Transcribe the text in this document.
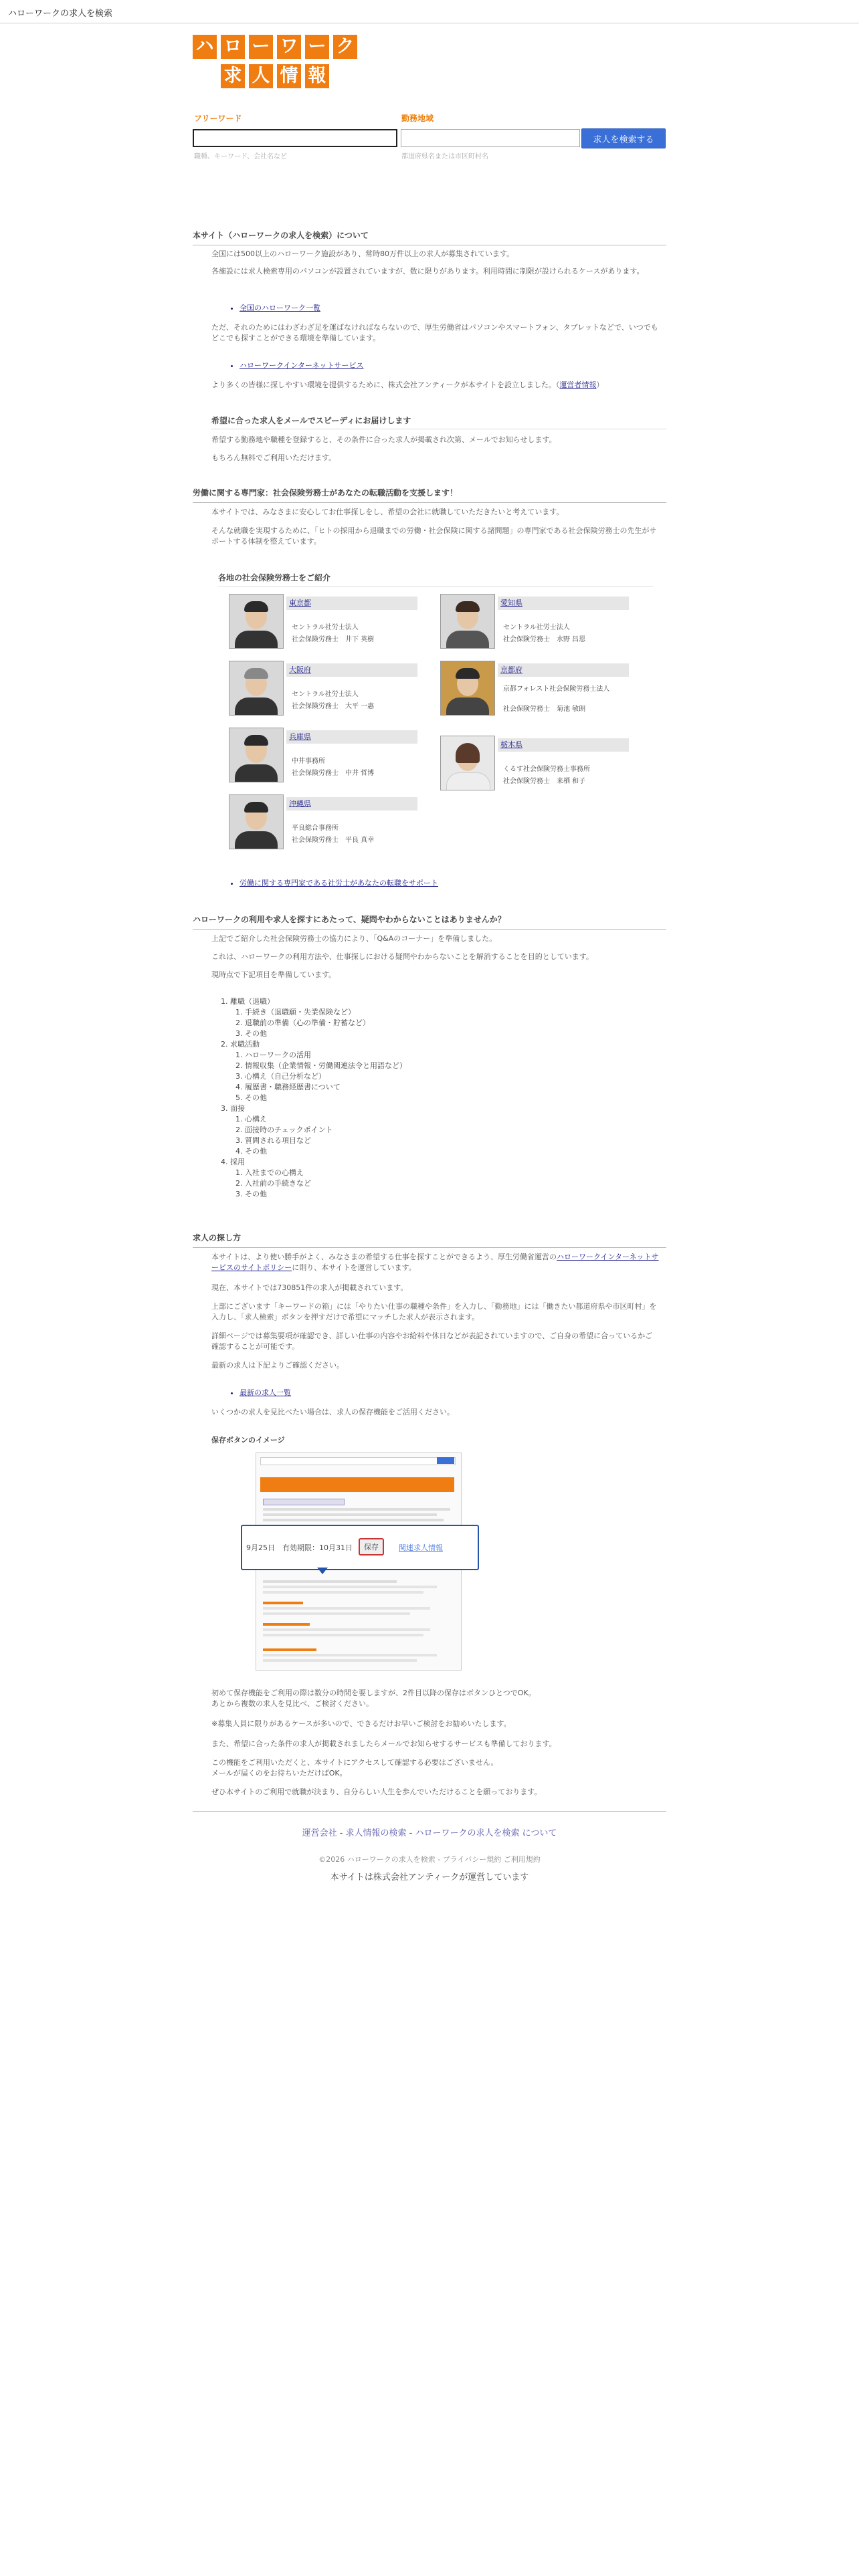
ハローワークの求人を検索
ハ ロ ー ワ ー ク
求 人 情 報
フリーワード
職種、キーワード、会社名など
勤務地域
都道府県名または市区町村名
求人を検索する
本サイト（ハローワークの求人を検索）について
全国には500以上のハローワーク施設があり、常時80万件以上の求人が募集されています。
各施設には求人検索専用のパソコンが設置されていますが、数に限りがあります。利用時間に制限が設けられるケースがあります。
• 全国のハローワーク一覧
ただ、それのためにはわざわざ足を運ばなければならないので、厚生労働省はパソコンやスマートフォン、タブレットなどで、いつでもどこでも探すことができる環境を準備しています。
• ハローワークインターネットサービス
より多くの皆様に探しやすい環境を提供するために、株式会社アンティークが本サイトを設立しました。（運営者情報）
希望に合った求人をメールでスピーディにお届けします
希望する勤務地や職種を登録すると、その条件に合った求人が掲載され次第、メールでお知らせします。
もちろん無料でご利用いただけます。
労働に関する専門家：社会保険労務士があなたの転職活動を支援します！
本サイトでは、みなさまに安心してお仕事探しをし、希望の会社に就職していただきたいと考えています。
そんな就職を実現するために、「ヒトの採用から退職までの労働・社会保険に関する諸問題」の専門家である社会保険労務士の先生がサポートする体制を整えています。
各地の社会保険労務士をご紹介
東京都
セントラル社労士法人
社会保険労務士　井下 英樹
愛知県
セントラル社労士法人
社会保険労務士　水野 昌恩
大阪府
セントラル社労士法人
社会保険労務士　大平 一惠
京都府
京都フォレスト社会保険労務士法人
社会保険労務士　菊池 敏朗
兵庫県
中井事務所
社会保険労務士　中井 哲博
栃木県
くるす社会保険労務士事務所
社会保険労務士　来栖 和子
沖縄県
平良総合事務所
社会保険労務士　平良 真幸
• 労働に関する専門家である社労士があなたの転職をサポート
ハローワークの利用や求人を探すにあたって、疑問やわからないことはありませんか？
上記でご紹介した社会保険労務士の協力により、「Q&Aのコーナー」を準備しました。
これは、ハローワークの利用方法や、仕事探しにおける疑問やわからないことを解消することを目的としています。
現時点で下記項目を準備しています。
1. 離職（退職）
1. 手続き（退職願・失業保険など）
2. 退職前の準備（心の準備・貯蓄など）
3. その他
2. 求職活動
1. ハローワークの活用
2. 情報収集（企業情報・労働関連法令と用語など）
3. 心構え（自己分析など）
4. 履歴書・職務経歴書について
5. その他
3. 面接
1. 心構え
2. 面接時のチェックポイント
3. 質問される項目など
4. その他
4. 採用
1. 入社までの心構え
2. 入社前の手続きなど
3. その他
求人の探し方
本サイトは、より使い勝手がよく、みなさまの希望する仕事を探すことができるよう、厚生労働省運営のハローワークインターネットサービスのサイトポリシーに則り、本サイトを運営しています。
現在、本サイトでは730851件の求人が掲載されています。
上部にございます「キーワードの箱」には「やりたい仕事の職種や条件」を入力し、「勤務地」には「働きたい都道府県や市区町村」を入力し、「求人検索」ボタンを押すだけで希望にマッチした求人が表示されます。
詳細ページでは募集要項が確認でき、詳しい仕事の内容やお給料や休日などが表記されていますので、ご自身の希望に合っているかご確認することが可能です。
最新の求人は下記よりご確認ください。
• 最新の求人一覧
いくつかの求人を見比べたい場合は、求人の保存機能をご活用ください。
保存ボタンのイメージ
9月25日　有効期限：10月31日	保存	関連求人情報
初めて保存機能をご利用の際は数分の時間を要しますが、2件目以降の保存はボタンひとつでOK。
あとから複数の求人を見比べ、ご検討ください。
※募集人員に限りがあるケースが多いので、できるだけお早いご検討をお勧めいたします。
また、希望に合った条件の求人が掲載されましたらメールでお知らせするサービスも準備しております。
この機能をご利用いただくと、本サイトにアクセスして確認する必要はございません。
メールが届くのをお待ちいただけばOK。
ぜひ本サイトのご利用で就職が決まり、自分らしい人生を歩んでいただけることを願っております。
運営会社 - 求人情報の検索 - ハローワークの求人を検索 について
©2026 ハローワークの求人を検索 - プライバシー規約 ご利用規約
本サイトは株式会社アンティークが運営しています
